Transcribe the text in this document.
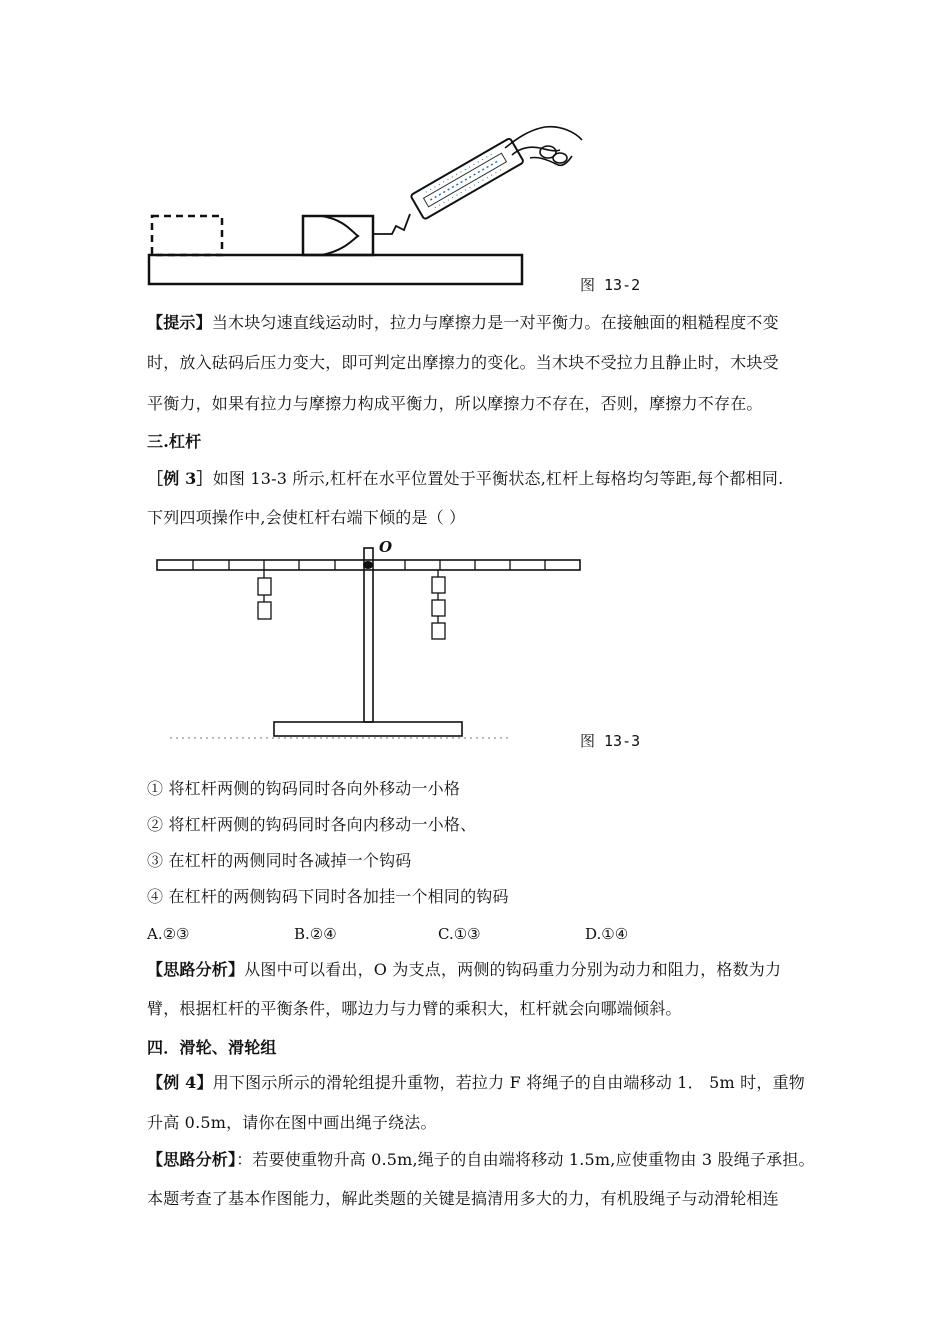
图 13-2
【提示】当木块匀速直线运动时，拉力与摩擦力是一对平衡力。在接触面的粗糙程度不变
时，放入砝码后压力变大，即可判定出摩擦力的变化。当木块不受拉力且静止时，木块受
平衡力，如果有拉力与摩擦力构成平衡力，所以摩擦力不存在，否则，摩擦力不存在。
三.杠杆
［例 3］如图 13-3 所示,杠杆在水平位置处于平衡状态,杠杆上每格均匀等距,每个都相同.
下列四项操作中,会使杠杆右端下倾的是（ ）
O
图 13-3
① 将杠杆两侧的钩码同时各向外移动一小格
② 将杠杆两侧的钩码同时各向内移动一小格、
③ 在杠杆的两侧同时各减掉一个钩码
④ 在杠杆的两侧钩码下同时各加挂一个相同的钩码
A.②③	B.②④	C.①③	D.①④
【思路分析】从图中可以看出，O 为支点，两侧的钩码重力分别为动力和阻力，格数为力
臂，根据杠杆的平衡条件，哪边力与力臂的乘积大，杠杆就会向哪端倾斜。
四．滑轮、滑轮组
【例 4】用下图示所示的滑轮组提升重物，若拉力 F 将绳子的自由端移动 1． 5m 时，重物
升高 0.5m，请你在图中画出绳子绕法。
【思路分析】：若要使重物升高 0.5m,绳子的自由端将移动 1.5m,应使重物由 3 股绳子承担。
本题考查了基本作图能力，解此类题的关键是搞清用多大的力，有机股绳子与动滑轮相连
